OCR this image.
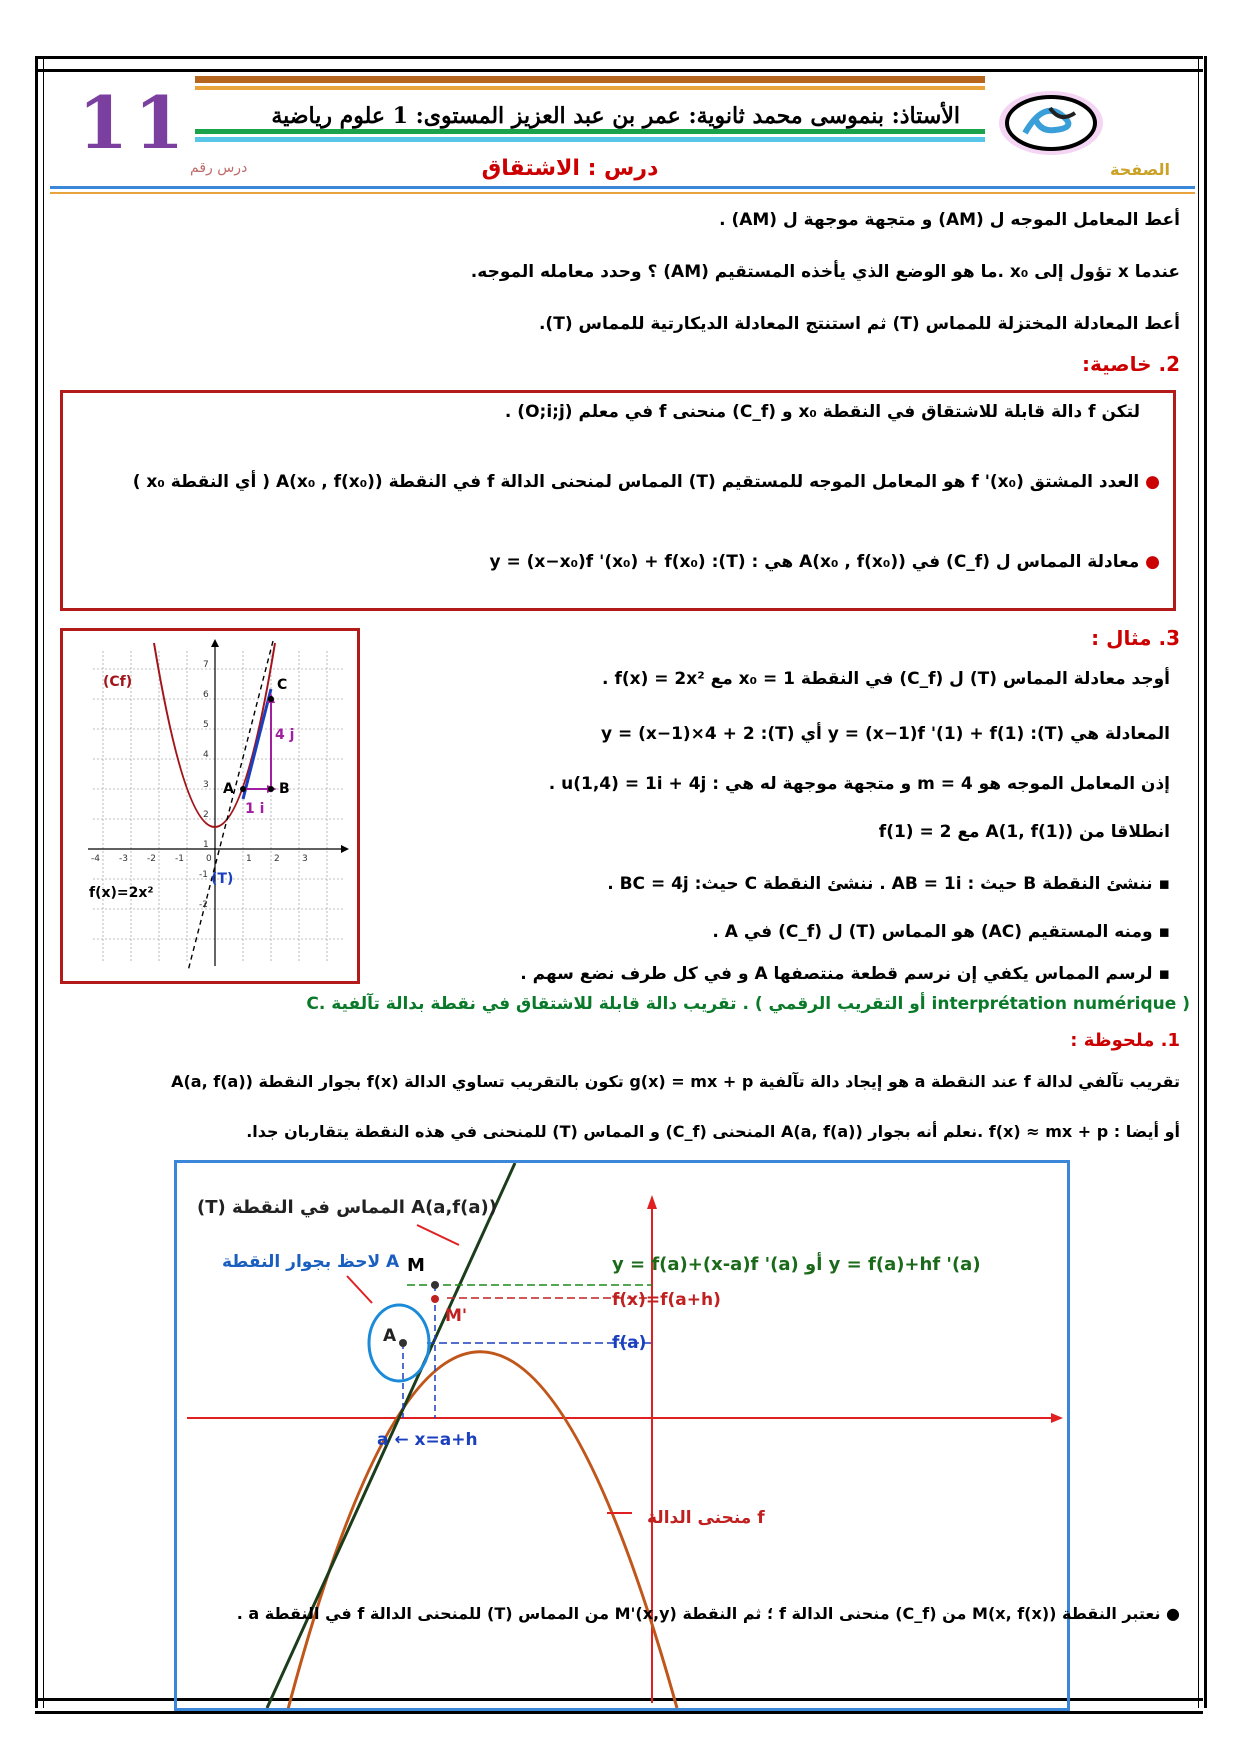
11	الأستاذ: بنموسى محمد ثانوية: عمر بن عبد العزيز المستوى: 1 علوم رياضية
الصفحة
درس رقم	درس : الاشتقاق
أعط المعامل الموجه ل (AM) و متجهة موجهة ل (AM) .
عندما x تؤول إلى x₀ .ما هو الوضع الذي يأخذه المستقيم (AM) ؟ وحدد معامله الموجه.
أعط المعادلة المختزلة للمماس (T) ثم استنتج المعادلة الديكارتية للمماس (T).
2. خاصية:
لتكن f دالة قابلة للاشتقاق في النقطة x₀ و (C_f) منحنى f في معلم (O;i;j) .
● العدد المشتق f '(x₀) هو المعامل الموجه للمستقيم (T) المماس لمنحنى الدالة f في النقطة A(x₀ , f(x₀)) ( أي النقطة x₀ )
● معادلة المماس ل (C_f) في A(x₀ , f(x₀)) هي : (T): y = (x−x₀)f '(x₀) + f(x₀)
3. مثال :
A	B
C
4 j
1 i
(Cf)
(T)
f(x)=2x²
-4 -3 -2 -1 0	1 2 3
7
6
5
4
3
2
1
-1
-2
أوجد معادلة المماس (T) ل (C_f) في النقطة x₀ = 1 مع f(x) = 2x² .
المعادلة هي (T): y = (x−1)f '(1) + f(1) أي (T): y = (x−1)×4 + 2
إذن المعامل الموجه هو m = 4 و متجهة موجهة له هي : u(1,4) = 1i + 4j .
انطلاقا من A(1, f(1)) مع f(1) = 2
▪ ننشئ النقطة B حيث : AB = 1i . ننشئ النقطة C حيث: BC = 4j .
▪ ومنه المستقيم (AC) هو المماس (T) ل (C_f) في A .
▪ لرسم المماس يكفي إن نرسم قطعة منتصفها A و في كل طرف نضع سهم .
C. تقريب دالة قابلة للاشتقاق في نقطة بدالة تآلفية . ( أو التقريب الرقمي interprétation numérique )
1. ملحوظة :
تقريب تآلفي لدالة f عند النقطة a هو إيجاد دالة تآلفية g(x) = mx + p تكون بالتقريب تساوي الدالة f(x) بجوار النقطة A(a, f(a))
أو أيضا : f(x) ≈ mx + p .نعلم أنه بجوار A(a, f(a)) المنحنى (C_f) و المماس (T) للمنحنى في هذه النقطة يتقاربان جدا.
(T) المماس في النقطة A(a,f(a))
لاحظ بجوار النقطة A	y = f(a)+(x-a)f '(a) أو y = f(a)+hf '(a)
f(x)=f(a+h)
f(a)
منحنى الدالة f
a ← x=a+h
M
M'
A
● نعتبر النقطة M(x, f(x)) من (C_f) منحنى الدالة f ؛ ثم النقطة M'(x,y) من المماس (T) للمنحنى الدالة f في النقطة a .
